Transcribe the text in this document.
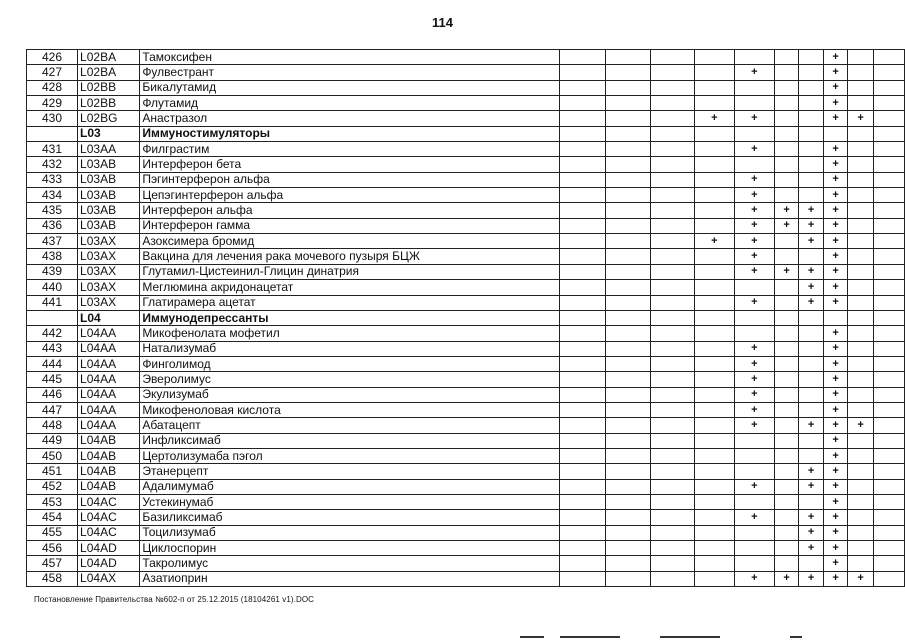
114
426	L02BA	Тамоксифен								+		
427	L02BA	Фулвестрант					+			+		
428	L02BB	Бикалутамид								+		
429	L02BB	Флутамид								+		
430	L02BG	Анастразол				+	+			+	+	
	L03	Иммуностимуляторы										
431	L03AA	Филграстим					+			+		
432	L03AB	Интерферон бета								+		
433	L03AB	Пэгинтерферон альфа					+			+		
434	L03AB	Цепэгинтерферон альфа					+			+		
435	L03AB	Интерферон альфа					+	+	+	+		
436	L03AB	Интерферон гамма					+	+	+	+		
437	L03AX	Азоксимера бромид				+	+		+	+		
438	L03AX	Вакцина для лечения рака мочевого пузыря БЦЖ					+			+		
439	L03AX	Глутамил-Цистеинил-Глицин динатрия					+	+	+	+		
440	L03AX	Меглюмина акридонацетат							+	+		
441	L03AX	Глатирамера ацетат					+		+	+		
	L04	Иммунодепрессанты										
442	L04AA	Микофенолата мофетил								+		
443	L04AA	Натализумаб					+			+		
444	L04AA	Финголимод					+			+		
445	L04AA	Эверолимус					+			+		
446	L04AA	Экулизумаб					+			+		
447	L04AA	Микофеноловая кислота					+			+		
448	L04AA	Абатацепт					+		+	+	+	
449	L04AB	Инфликсимаб								+		
450	L04AB	Цертолизумаба пэгол								+		
451	L04AB	Этанерцепт							+	+		
452	L04AB	Адалимумаб					+		+	+		
453	L04AC	Устекинумаб								+		
454	L04AC	Базиликсимаб					+		+	+		
455	L04AC	Тоцилизумаб							+	+		
456	L04AD	Циклоспорин							+	+		
457	L04AD	Такролимус								+		
458	L04AX	Азатиоприн					+	+	+	+	+	
Постановление Правительства №602-п от 25.12.2015 (18104261 v1).DOC
